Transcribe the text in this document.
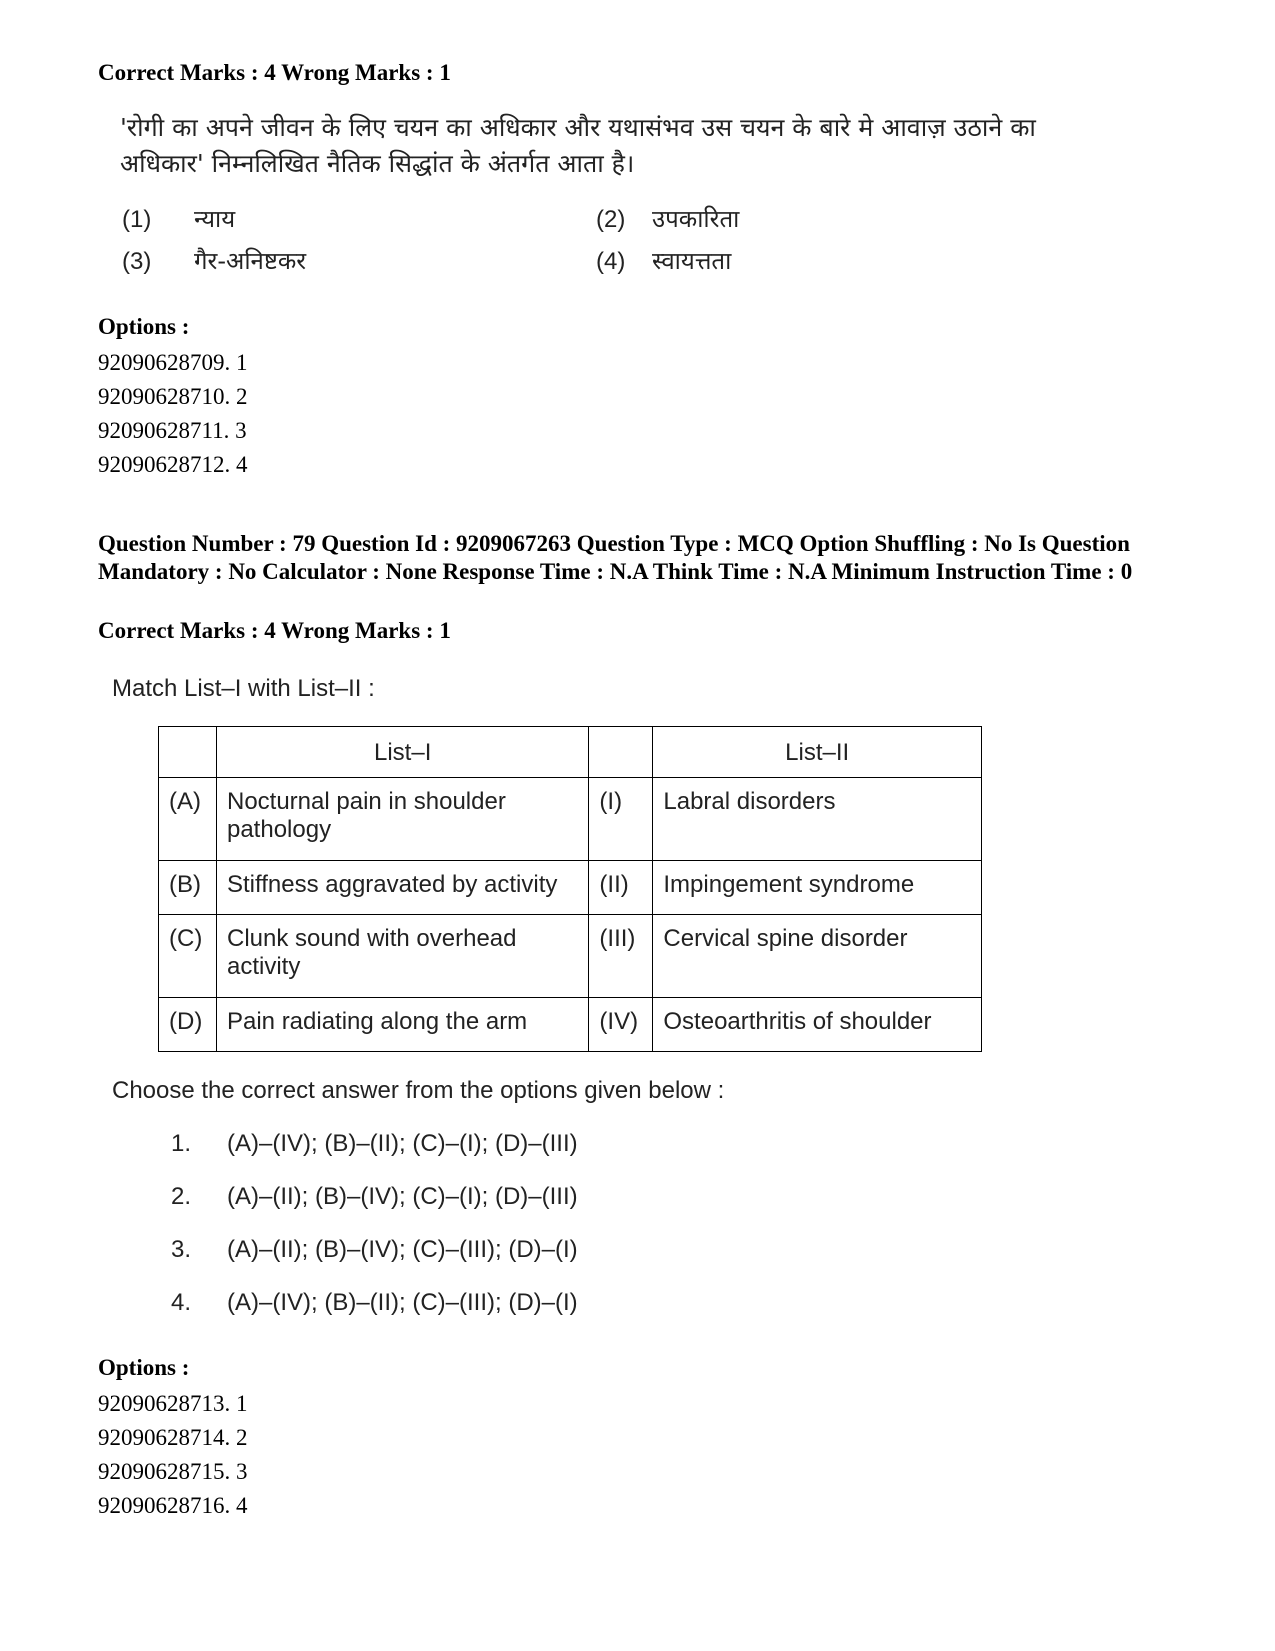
Correct Marks : 4 Wrong Marks : 1
'रोगी का अपने जीवन के लिए चयन का अधिकार और यथासंभव उस चयन के बारे मे आवाज़ उठाने का अधिकार' निम्नलिखित नैतिक सिद्धांत के अंतर्गत आता है।
(1) न्याय	(2) उपकारिता
(3) गैर-अनिष्टकर	(4) स्वायत्तता
Options :
92090628709. 1
92090628710. 2
92090628711. 3
92090628712. 4
Question Number : 79 Question Id : 9209067263 Question Type : MCQ Option Shuffling : No Is Question Mandatory : No Calculator : None Response Time : N.A Think Time : N.A Minimum Instruction Time : 0
Correct Marks : 4 Wrong Marks : 1
Match List–I with List–II :
	List–I		List–II
(A)	Nocturnal pain in shoulder pathology	(I)	Labral disorders
(B)	Stiffness aggravated by activity	(II)	Impingement syndrome
(C)	Clunk sound with overhead activity	(III)	Cervical spine disorder
(D)	Pain radiating along the arm	(IV)	Osteoarthritis of shoulder
Choose the correct answer from the options given below :
1. (A)–(IV); (B)–(II); (C)–(I); (D)–(III)
2. (A)–(II); (B)–(IV); (C)–(I); (D)–(III)
3. (A)–(II); (B)–(IV); (C)–(III); (D)–(I)
4. (A)–(IV); (B)–(II); (C)–(III); (D)–(I)
Options :
92090628713. 1
92090628714. 2
92090628715. 3
92090628716. 4
